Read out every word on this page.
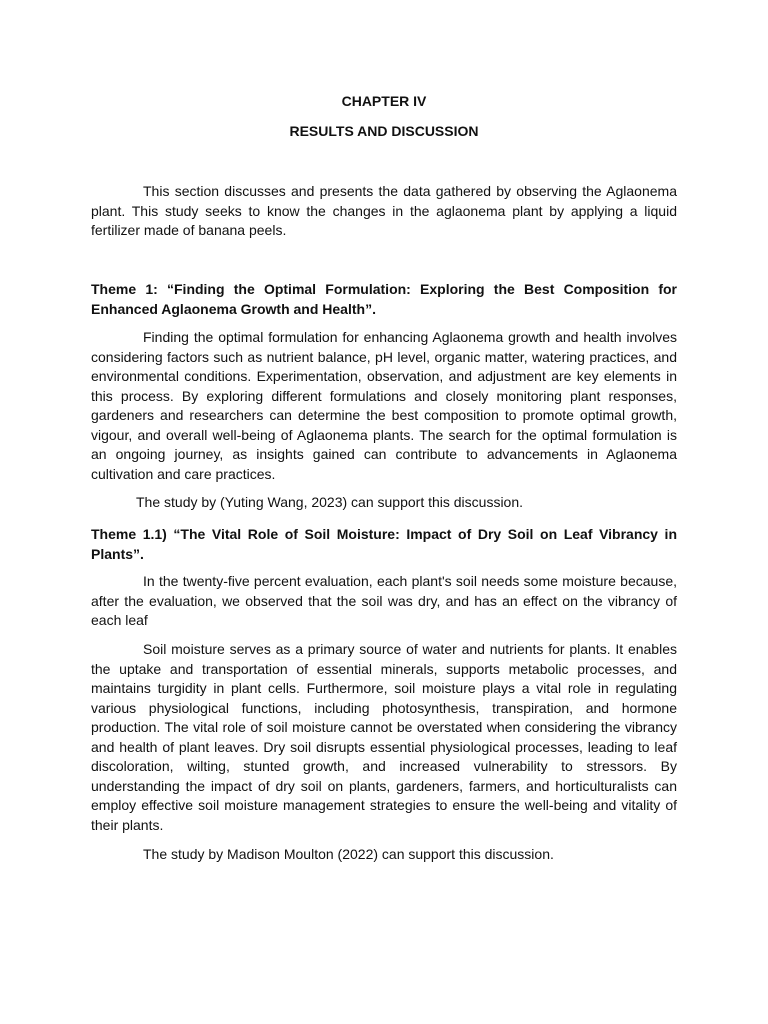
CHAPTER IV
RESULTS AND DISCUSSION

This section discusses and presents the data gathered by observing the Aglaonema plant. This study seeks to know the changes in the aglaonema plant by applying a liquid fertilizer made of banana peels.

Theme 1: “Finding the Optimal Formulation: Exploring the Best Composition for Enhanced Aglaonema Growth and Health”.

Finding the optimal formulation for enhancing Aglaonema growth and health involves considering factors such as nutrient balance, pH level, organic matter, watering practices, and environmental conditions. Experimentation, observation, and adjustment are key elements in this process. By exploring different formulations and closely monitoring plant responses, gardeners and researchers can determine the best composition to promote optimal growth, vigour, and overall well-being of Aglaonema plants. The search for the optimal formulation is an ongoing journey, as insights gained can contribute to advancements in Aglaonema cultivation and care practices.

The study by (Yuting Wang, 2023) can support this discussion.

Theme 1.1) “The Vital Role of Soil Moisture: Impact of Dry Soil on Leaf Vibrancy in Plants”.

In the twenty-five percent evaluation, each plant's soil needs some moisture because, after the evaluation, we observed that the soil was dry, and has an effect on the vibrancy of each leaf

Soil moisture serves as a primary source of water and nutrients for plants. It enables the uptake and transportation of essential minerals, supports metabolic processes, and maintains turgidity in plant cells. Furthermore, soil moisture plays a vital role in regulating various physiological functions, including photosynthesis, transpiration, and hormone production. The vital role of soil moisture cannot be overstated when considering the vibrancy and health of plant leaves. Dry soil disrupts essential physiological processes, leading to leaf discoloration, wilting, stunted growth, and increased vulnerability to stressors. By understanding the impact of dry soil on plants, gardeners, farmers, and horticulturalists can employ effective soil moisture management strategies to ensure the well-being and vitality of their plants.

The study by Madison Moulton (2022) can support this discussion.
